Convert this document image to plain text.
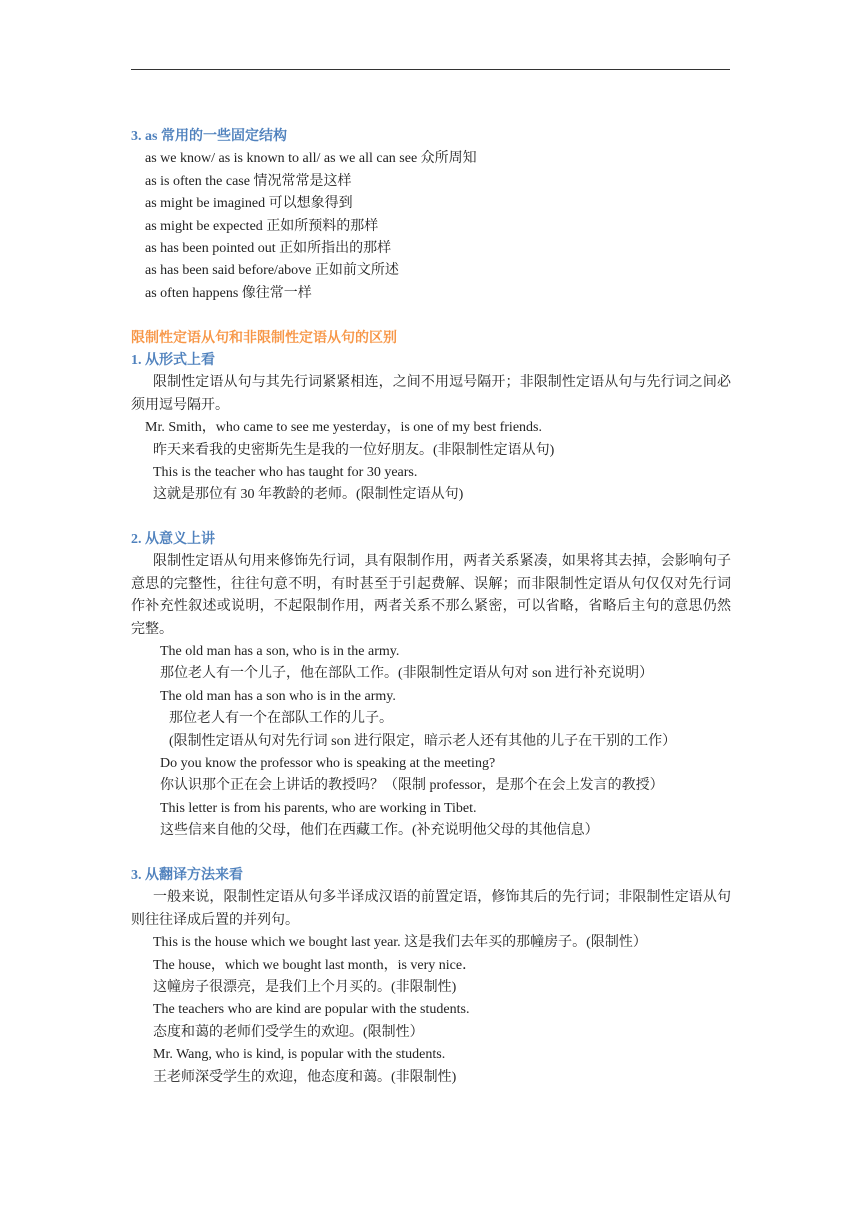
3. as 常用的一些固定结构
as we know/ as is known to all/ as we all can see 众所周知
as is often the case 情况常常是这样
as might be imagined 可以想象得到
as might be expected 正如所预料的那样
as has been pointed out 正如所指出的那样
as has been said before/above 正如前文所述
as often happens 像往常一样
限制性定语从句和非限制性定语从句的区别
1. 从形式上看
限制性定语从句与其先行词紧紧相连，之间不用逗号隔开；非限制性定语从句与先行词之间必须用逗号隔开。
Mr. Smith，who came to see me yesterday，is one of my best friends.
昨天来看我的史密斯先生是我的一位好朋友。(非限制性定语从句)
This is the teacher who has taught for 30 years.
这就是那位有 30 年教龄的老师。(限制性定语从句)
2. 从意义上讲
限制性定语从句用来修饰先行词，具有限制作用，两者关系紧凑，如果将其去掉，会影响句子意思的完整性，往往句意不明，有时甚至于引起费解、误解；而非限制性定语从句仅仅对先行词作补充性叙述或说明，不起限制作用，两者关系不那么紧密，可以省略，省略后主句的意思仍然完整。
The old man has a son, who is in the army.
那位老人有一个儿子，他在部队工作。(非限制性定语从句对 son 进行补充说明）
The old man has a son who is in the army.
那位老人有一个在部队工作的儿子。
(限制性定语从句对先行词 son 进行限定，暗示老人还有其他的儿子在干别的工作）
Do you know the professor who is speaking at the meeting?
你认识那个正在会上讲话的教授吗？（限制 professor，是那个在会上发言的教授）
This letter is from his parents, who are working in Tibet.
这些信来自他的父母，他们在西藏工作。(补充说明他父母的其他信息）
3. 从翻译方法来看
一般来说，限制性定语从句多半译成汉语的前置定语，修饰其后的先行词；非限制性定语从句则往往译成后置的并列句。
This is the house which we bought last year. 这是我们去年买的那幢房子。(限制性）
The house，which we bought last month，is very nice．
这幢房子很漂亮，是我们上个月买的。(非限制性)
The teachers who are kind are popular with the students.
态度和蔼的老师们受学生的欢迎。(限制性）
Mr. Wang, who is kind, is popular with the students.
王老师深受学生的欢迎，他态度和蔼。(非限制性)
